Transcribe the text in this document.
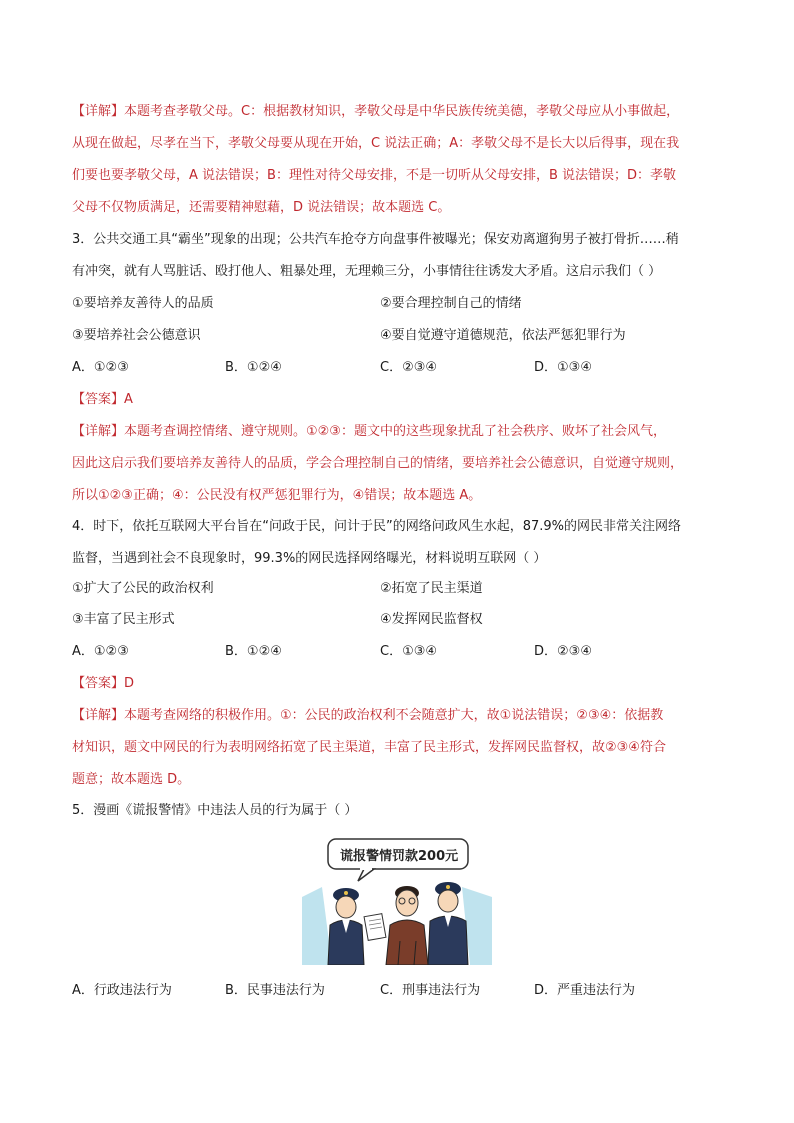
【详解】本题考查孝敬父母。C：根据教材知识，孝敬父母是中华民族传统美德，孝敬父母应从小事做起，
从现在做起，尽孝在当下，孝敬父母要从现在开始，C 说法正确；A：孝敬父母不是长大以后得事，现在我
们要也要孝敬父母，A 说法错误；B：理性对待父母安排，不是一切听从父母安排，B 说法错误；D：孝敬
父母不仅物质满足，还需要精神慰藉，D 说法错误；故本题选 C。
3．公共交通工具“霸坐”现象的出现；公共汽车抢夺方向盘事件被曝光；保安劝离遛狗男子被打骨折……稍
有冲突，就有人骂脏话、殴打他人、粗暴处理，无理赖三分，小事情往往诱发大矛盾。这启示我们（ ）
①要培养友善待人的品质	②要合理控制自己的情绪
③要培养社会公德意识	④要自觉遵守道德规范，依法严惩犯罪行为
A．①②③	B．①②④	C．②③④	D．①③④
【答案】A
【详解】本题考查调控情绪、遵守规则。①②③：题文中的这些现象扰乱了社会秩序、败坏了社会风气，
因此这启示我们要培养友善待人的品质，学会合理控制自己的情绪，要培养社会公德意识，自觉遵守规则，
所以①②③正确；④：公民没有权严惩犯罪行为，④错误；故本题选 A。
4．时下，依托互联网大平台旨在“问政于民，问计于民”的网络问政风生水起，87.9%的网民非常关注网络
监督，当遇到社会不良现象时，99.3%的网民选择网络曝光，材料说明互联网（ ）
①扩大了公民的政治权利	②拓宽了民主渠道
③丰富了民主形式	④发挥网民监督权
A．①②③	B．①②④	C．①③④	D．②③④
【答案】D
【详解】本题考查网络的积极作用。①：公民的政治权利不会随意扩大，故①说法错误；②③④：依据教
材知识，题文中网民的行为表明网络拓宽了民主渠道，丰富了民主形式，发挥网民监督权，故②③④符合
题意；故本题选 D。
5．漫画《谎报警情》中违法人员的行为属于（ ）
谎报警情罚款200元
A．行政违法行为	B．民事违法行为	C．刑事违法行为	D．严重违法行为
